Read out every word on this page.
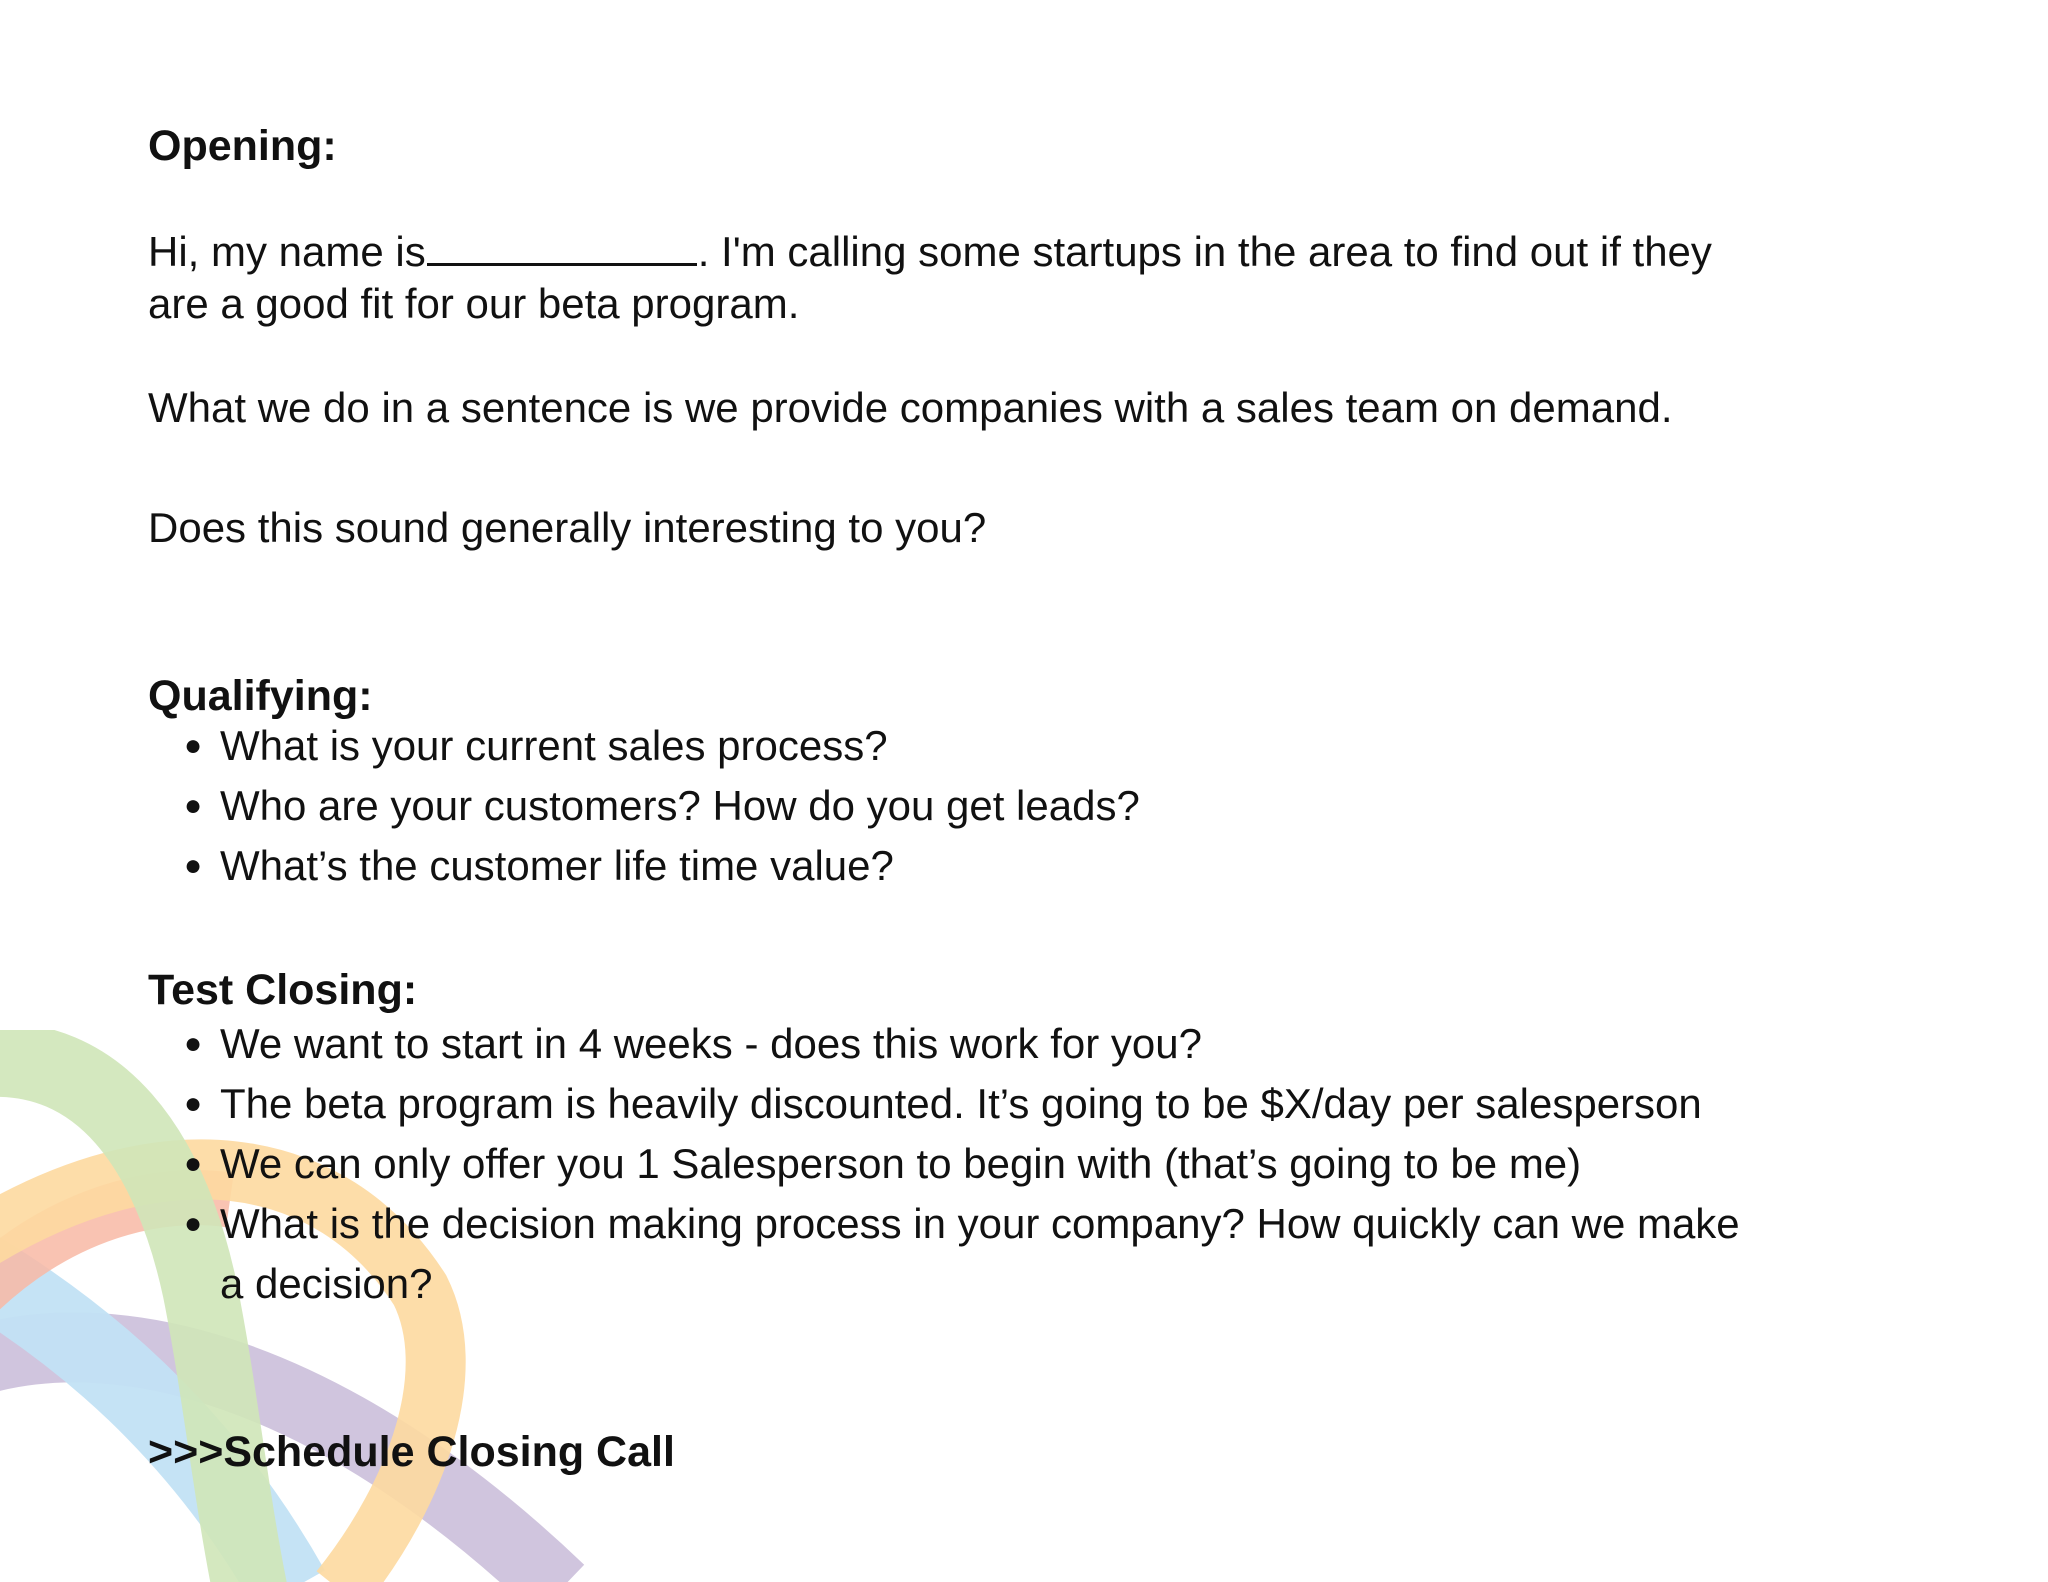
Opening:
Hi, my name is	. I'm calling some startups in the area to find out if they
are a good fit for our beta program.
What we do in a sentence is we provide companies with a sales team on demand.
Does this sound generally interesting to you?
Qualifying:
● What is your current sales process?
● Who are your customers? How do you get leads?
● What’s the customer life time value?
Test Closing:
● We want to start in 4 weeks - does this work for you?
● The beta program is heavily discounted. It’s going to be $X/day per salesperson
● We can only offer you 1 Salesperson to begin with (that’s going to be me)
● What is the decision making process in your company? How quickly can we make
a decision?
>>>Schedule Closing Call
